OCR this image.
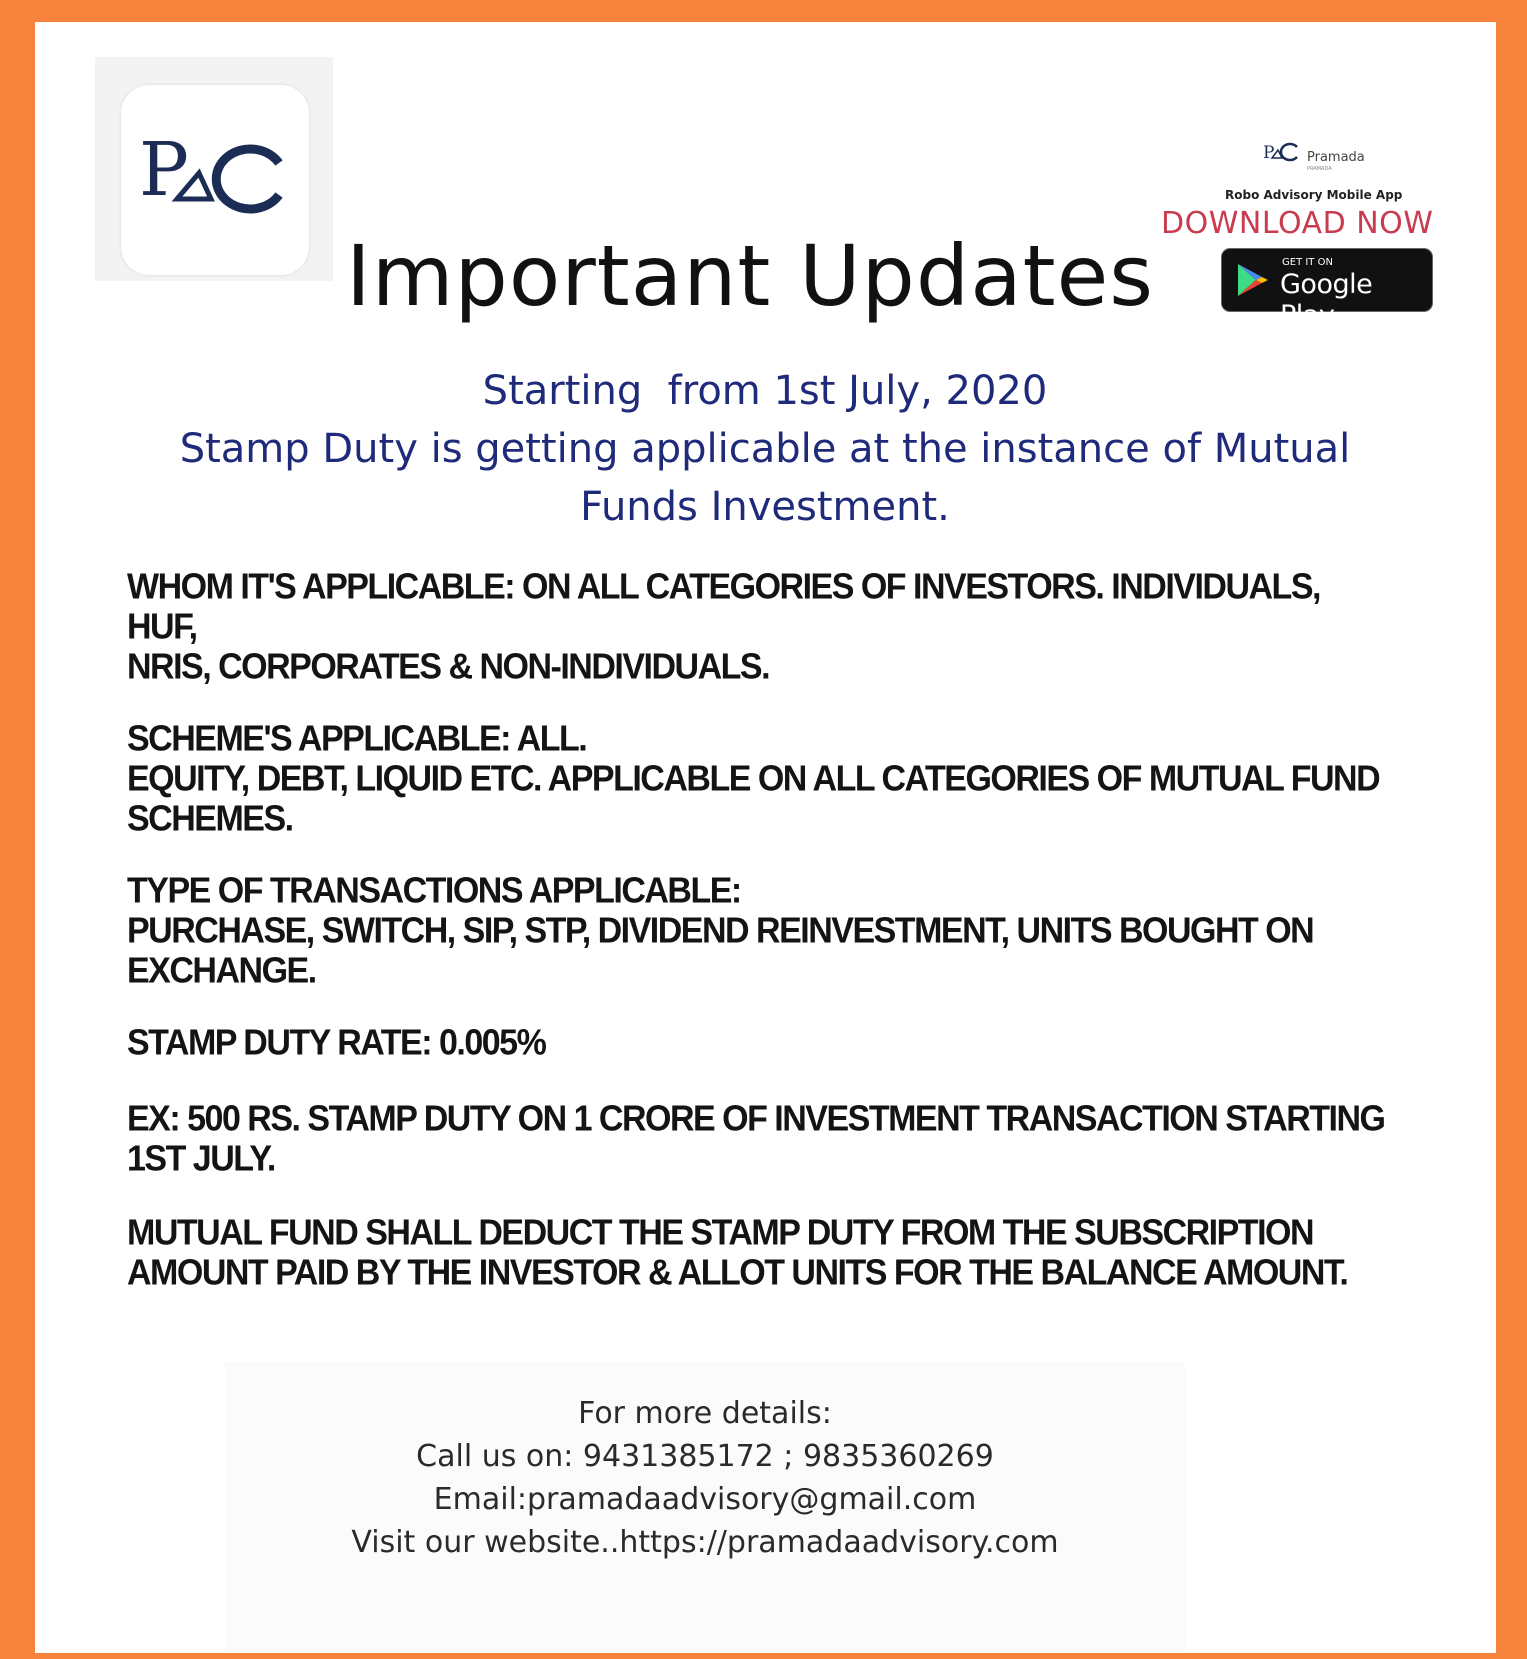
P
Important Updates
P	Pramada
PRAMADA
Robo Advisory Mobile App
DOWNLOAD NOW
GET IT ON
Google Play
Starting  from 1st July, 2020
Stamp Duty is getting applicable at the instance of Mutual
Funds Investment.
WHOM IT'S APPLICABLE: ON ALL CATEGORIES OF INVESTORS. INDIVIDUALS, HUF,
NRIS, CORPORATES & NON-INDIVIDUALS.
SCHEME'S APPLICABLE: ALL.
EQUITY, DEBT, LIQUID ETC. APPLICABLE ON ALL CATEGORIES OF MUTUAL FUND
SCHEMES.
TYPE OF TRANSACTIONS APPLICABLE:
PURCHASE, SWITCH, SIP, STP, DIVIDEND REINVESTMENT, UNITS BOUGHT ON
EXCHANGE.
STAMP DUTY RATE: 0.005%
EX: 500 RS. STAMP DUTY ON 1 CRORE OF INVESTMENT TRANSACTION STARTING
1ST JULY.
MUTUAL FUND SHALL DEDUCT THE STAMP DUTY FROM THE SUBSCRIPTION
AMOUNT PAID BY THE INVESTOR & ALLOT UNITS FOR THE BALANCE AMOUNT.
For more details:
Call us on: 9431385172 ; 9835360269
Email:pramadaadvisory@gmail.com
Visit our website..https://pramadaadvisory.com
